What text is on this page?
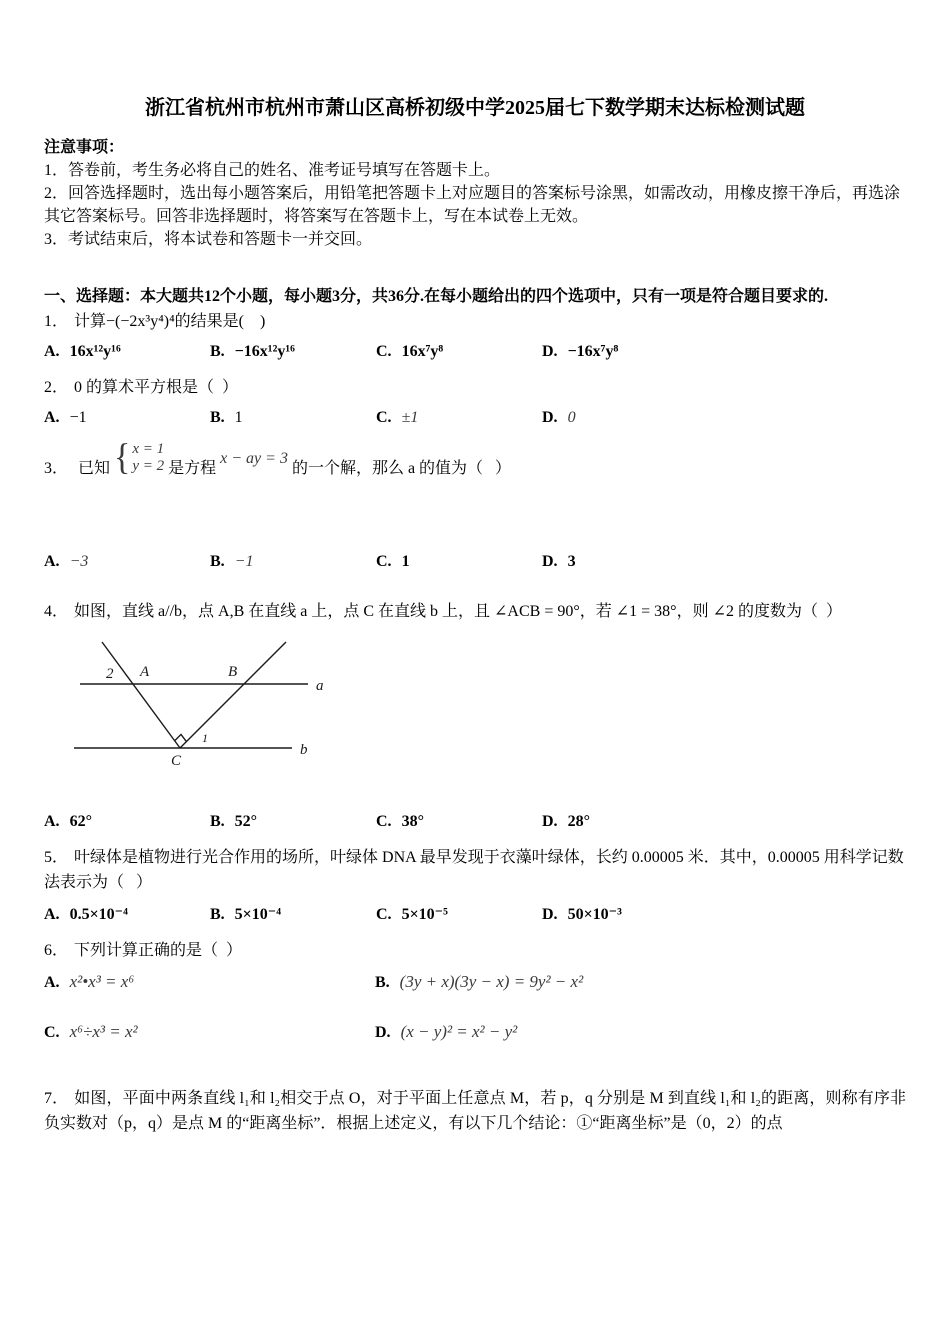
浙江省杭州市杭州市萧山区高桥初级中学2025届七下数学期末达标检测试题

注意事项：

1．答卷前，考生务必将自己的姓名、准考证号填写在答题卡上。

2．回答选择题时，选出每小题答案后，用铅笔把答题卡上对应题目的答案标号涂黑，如需改动，用橡皮擦干净后，再选涂其它答案标号。回答非选择题时，将答案写在答题卡上，写在本试卷上无效。

3．考试结束后，将本试卷和答题卡一并交回。

一、选择题：本大题共12个小题，每小题3分，共36分.在每小题给出的四个选项中，只有一项是符合题目要求的.

1． 计算−(−2x³y⁴)⁴的结果是(    )

A. 16x¹²y¹⁶	B. −16x¹²y¹⁶	C. 16x⁷y⁸	D. −16x⁷y⁸

2． 0 的算术平方根是（  ）

A. −1	B. 1	C. ±1	D. 0
3． 已知 { x = 1
y = 2 是方程
x − ay = 3
的一个解，那么 a 的值为（   ）
A. −3	B. −1	C. 1	D. 3

4． 如图，直线 a//b，点 A,B 在直线 a 上，点 C 在直线 b 上，且 ∠ACB = 90°，若 ∠1 = 38°，则 ∠2 的度数为（  ）

2 A	B
a
C
b
1
A. 62°	B. 52°	C. 38°	D. 28°

5． 叶绿体是植物进行光合作用的场所，叶绿体 DNA 最早发现于衣藻叶绿体，长约 0.00005 米．其中，0.00005 用科学记数法表示为（   ）

A. 0.5×10⁻⁴	B. 5×10⁻⁴	C. 5×10⁻⁵	D. 50×10⁻³

6． 下列计算正确的是（  ）

A. x²•x³ = x⁶	B. (3y + x)(3y − x) = 9y² − x²
C. x⁶÷x³ = x²	D. (x − y)² = x² − y²

7． 如图，平面中两条直线 l₁和 l₂相交于点 O，对于平面上任意点 M，若 p，q 分别是 M 到直线 l₁和 l₂的距离，则称有序非负实数对（p，q）是点 M 的“距离坐标”．根据上述定义，有以下几个结论：①“距离坐标”是（0，2）的点
